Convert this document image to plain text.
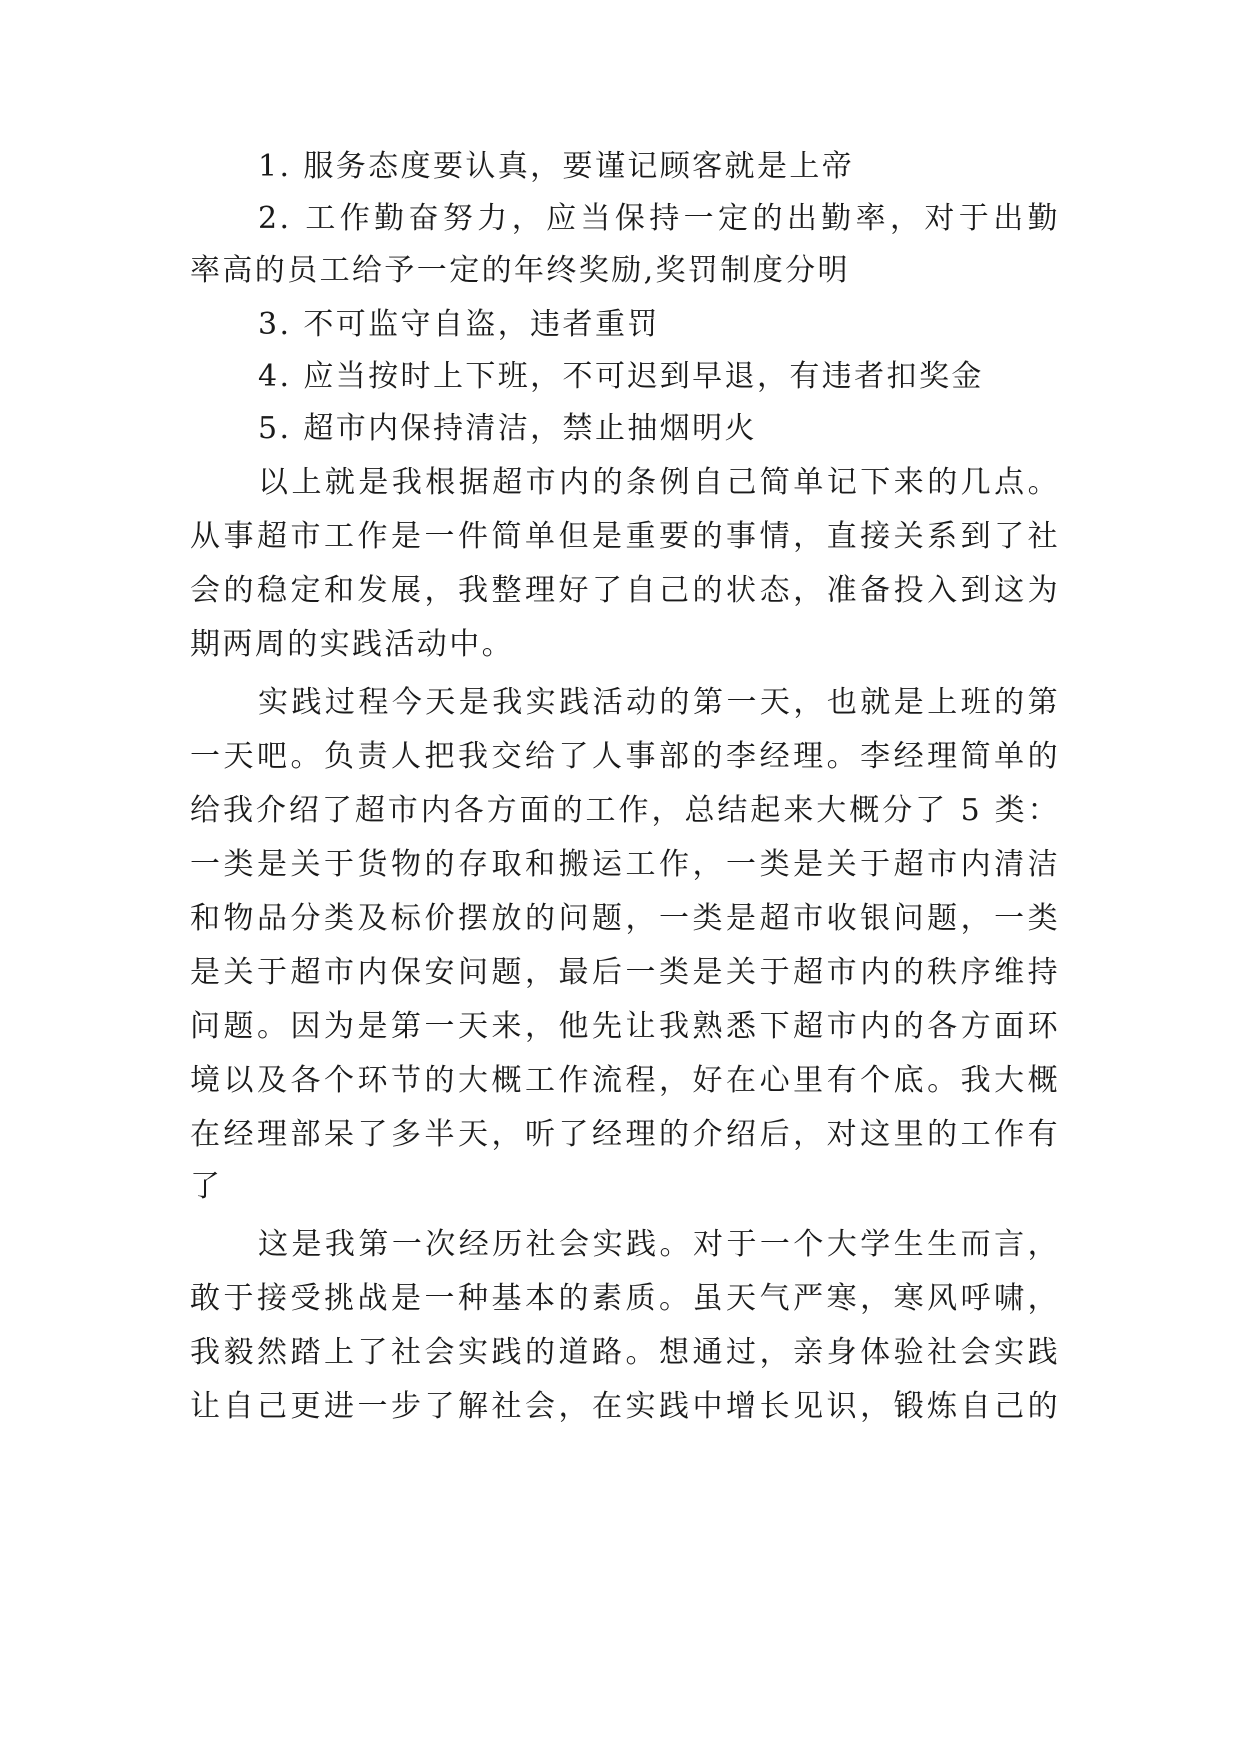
1. 服务态度要认真，要谨记顾客就是上帝
2. 工作勤奋努力，应当保持一定的出勤率，对于出勤
率高的员工给予一定的年终奖励,奖罚制度分明
3. 不可监守自盗，违者重罚
4. 应当按时上下班，不可迟到早退，有违者扣奖金
5. 超市内保持清洁，禁止抽烟明火
以上就是我根据超市内的条例自己简单记下来的几点。
从事超市工作是一件简单但是重要的事情，直接关系到了社
会的稳定和发展，我整理好了自己的状态，准备投入到这为
期两周的实践活动中。
实践过程今天是我实践活动的第一天，也就是上班的第
一天吧。负责人把我交给了人事部的李经理。李经理简单的
给我介绍了超市内各方面的工作，总结起来大概分了 5 类：
一类是关于货物的存取和搬运工作，一类是关于超市内清洁
和物品分类及标价摆放的问题，一类是超市收银问题，一类
是关于超市内保安问题，最后一类是关于超市内的秩序维持
问题。因为是第一天来，他先让我熟悉下超市内的各方面环
境以及各个环节的大概工作流程，好在心里有个底。我大概
在经理部呆了多半天，听了经理的介绍后，对这里的工作有
了
这是我第一次经历社会实践。对于一个大学生生而言，
敢于接受挑战是一种基本的素质。虽天气严寒，寒风呼啸，
我毅然踏上了社会实践的道路。想通过，亲身体验社会实践
让自己更进一步了解社会，在实践中增长见识，锻炼自己的
